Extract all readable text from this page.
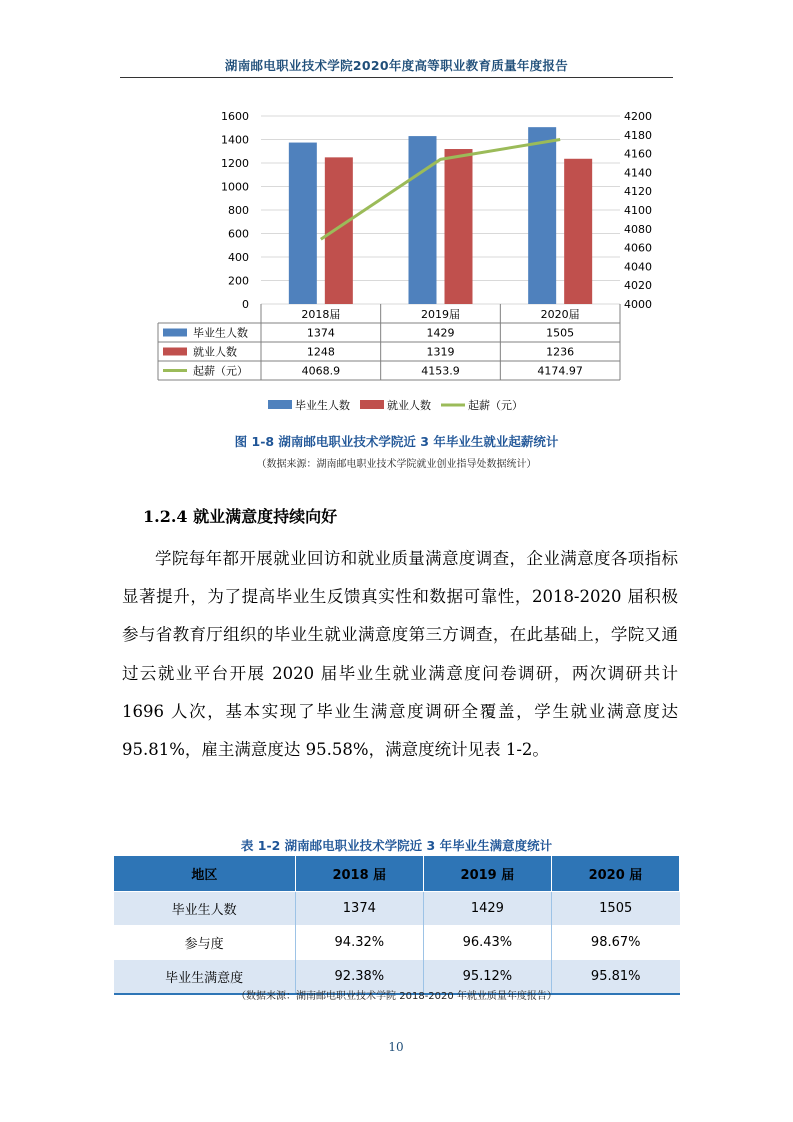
湖南邮电职业技术学院2020年度高等职业教育质量年度报告
0
200
400
600
800
1000
1200
1400
1600
4000
4020
4040
4060
4080
4100
4120
4140
4160
4180
4200
2018届	2019届	2020届
毕业生人数	1374	1429	1505
就业人数	1248	1319	1236
起薪（元）	4068.9	4153.9	4174.97
毕业生人数	就业人数	起薪（元）
图 1-8 湖南邮电职业技术学院近 3 年毕业生就业起薪统计
（数据来源：湖南邮电职业技术学院就业创业指导处数据统计）
1.2.4 就业满意度持续向好
学院每年都开展就业回访和就业质量满意度调查，企业满意度各项指标显著提升，为了提高毕业生反馈真实性和数据可靠性，2018-2020 届积极参与省教育厅组织的毕业生就业满意度第三方调查，在此基础上，学院又通过云就业平台开展 2020 届毕业生就业满意度问卷调研，两次调研共计 1696 人次，基本实现了毕业生满意度调研全覆盖，学生就业满意度达 95.81%，雇主满意度达 95.58%，满意度统计见表 1-2。
表 1-2 湖南邮电职业技术学院近 3 年毕业生满意度统计
地区	2018 届	2019 届	2020 届
毕业生人数	1374	1429	1505
参与度	94.32%	96.43%	98.67%
毕业生满意度	92.38%	95.12%	95.81%
（数据来源：湖南邮电职业技术学院 2018-2020 年就业质量年度报告）
10
